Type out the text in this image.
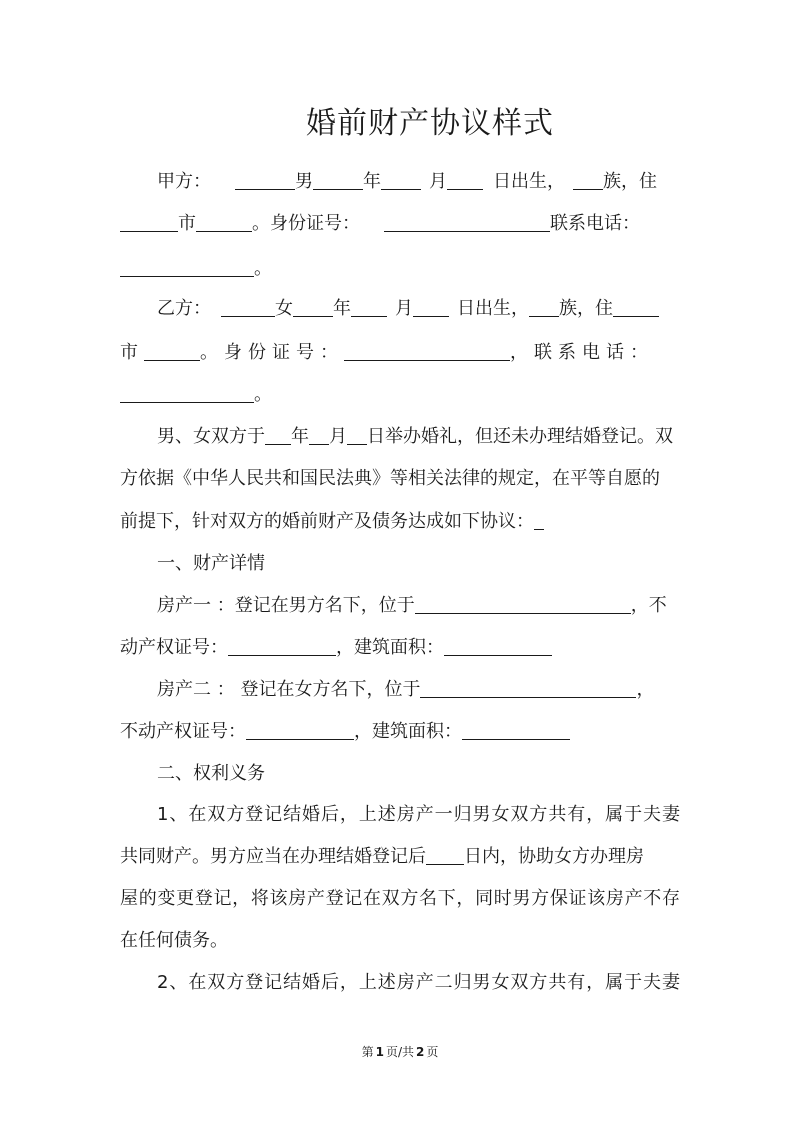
婚前财产协议样式
甲方：	男	年	月	日出生， 族，住
市	。身份证号：	联系电话：
。
乙方：	女 年 月 日出生， 族，住
市	。身份证号：	，联系电话：
。
男、女双方于 年 月 日举办婚礼，但还未办理结婚登记。双
方依据《中华人民共和国民法典》等相关法律的规定，在平等自愿的
前提下，针对双方的婚前财产及债务达成如下协议：
一、财产详情
房产一 ：登记在男方名下，位于	，不
动产权证号：	，建筑面积：
房产二 ： 登记在女方名下，位于	，
不动产权证号：	，建筑面积：
二、权利义务
1、在双方登记结婚后，上述房产一归男女双方共有，属于夫妻
共同财产。男方应当在办理结婚登记后 日内，协助女方办理房
屋的变更登记，将该房产登记在双方名下，同时男方保证该房产不存
在任何债务。
2、在双方登记结婚后，上述房产二归男女双方共有，属于夫妻
第 1 页/共 2 页
